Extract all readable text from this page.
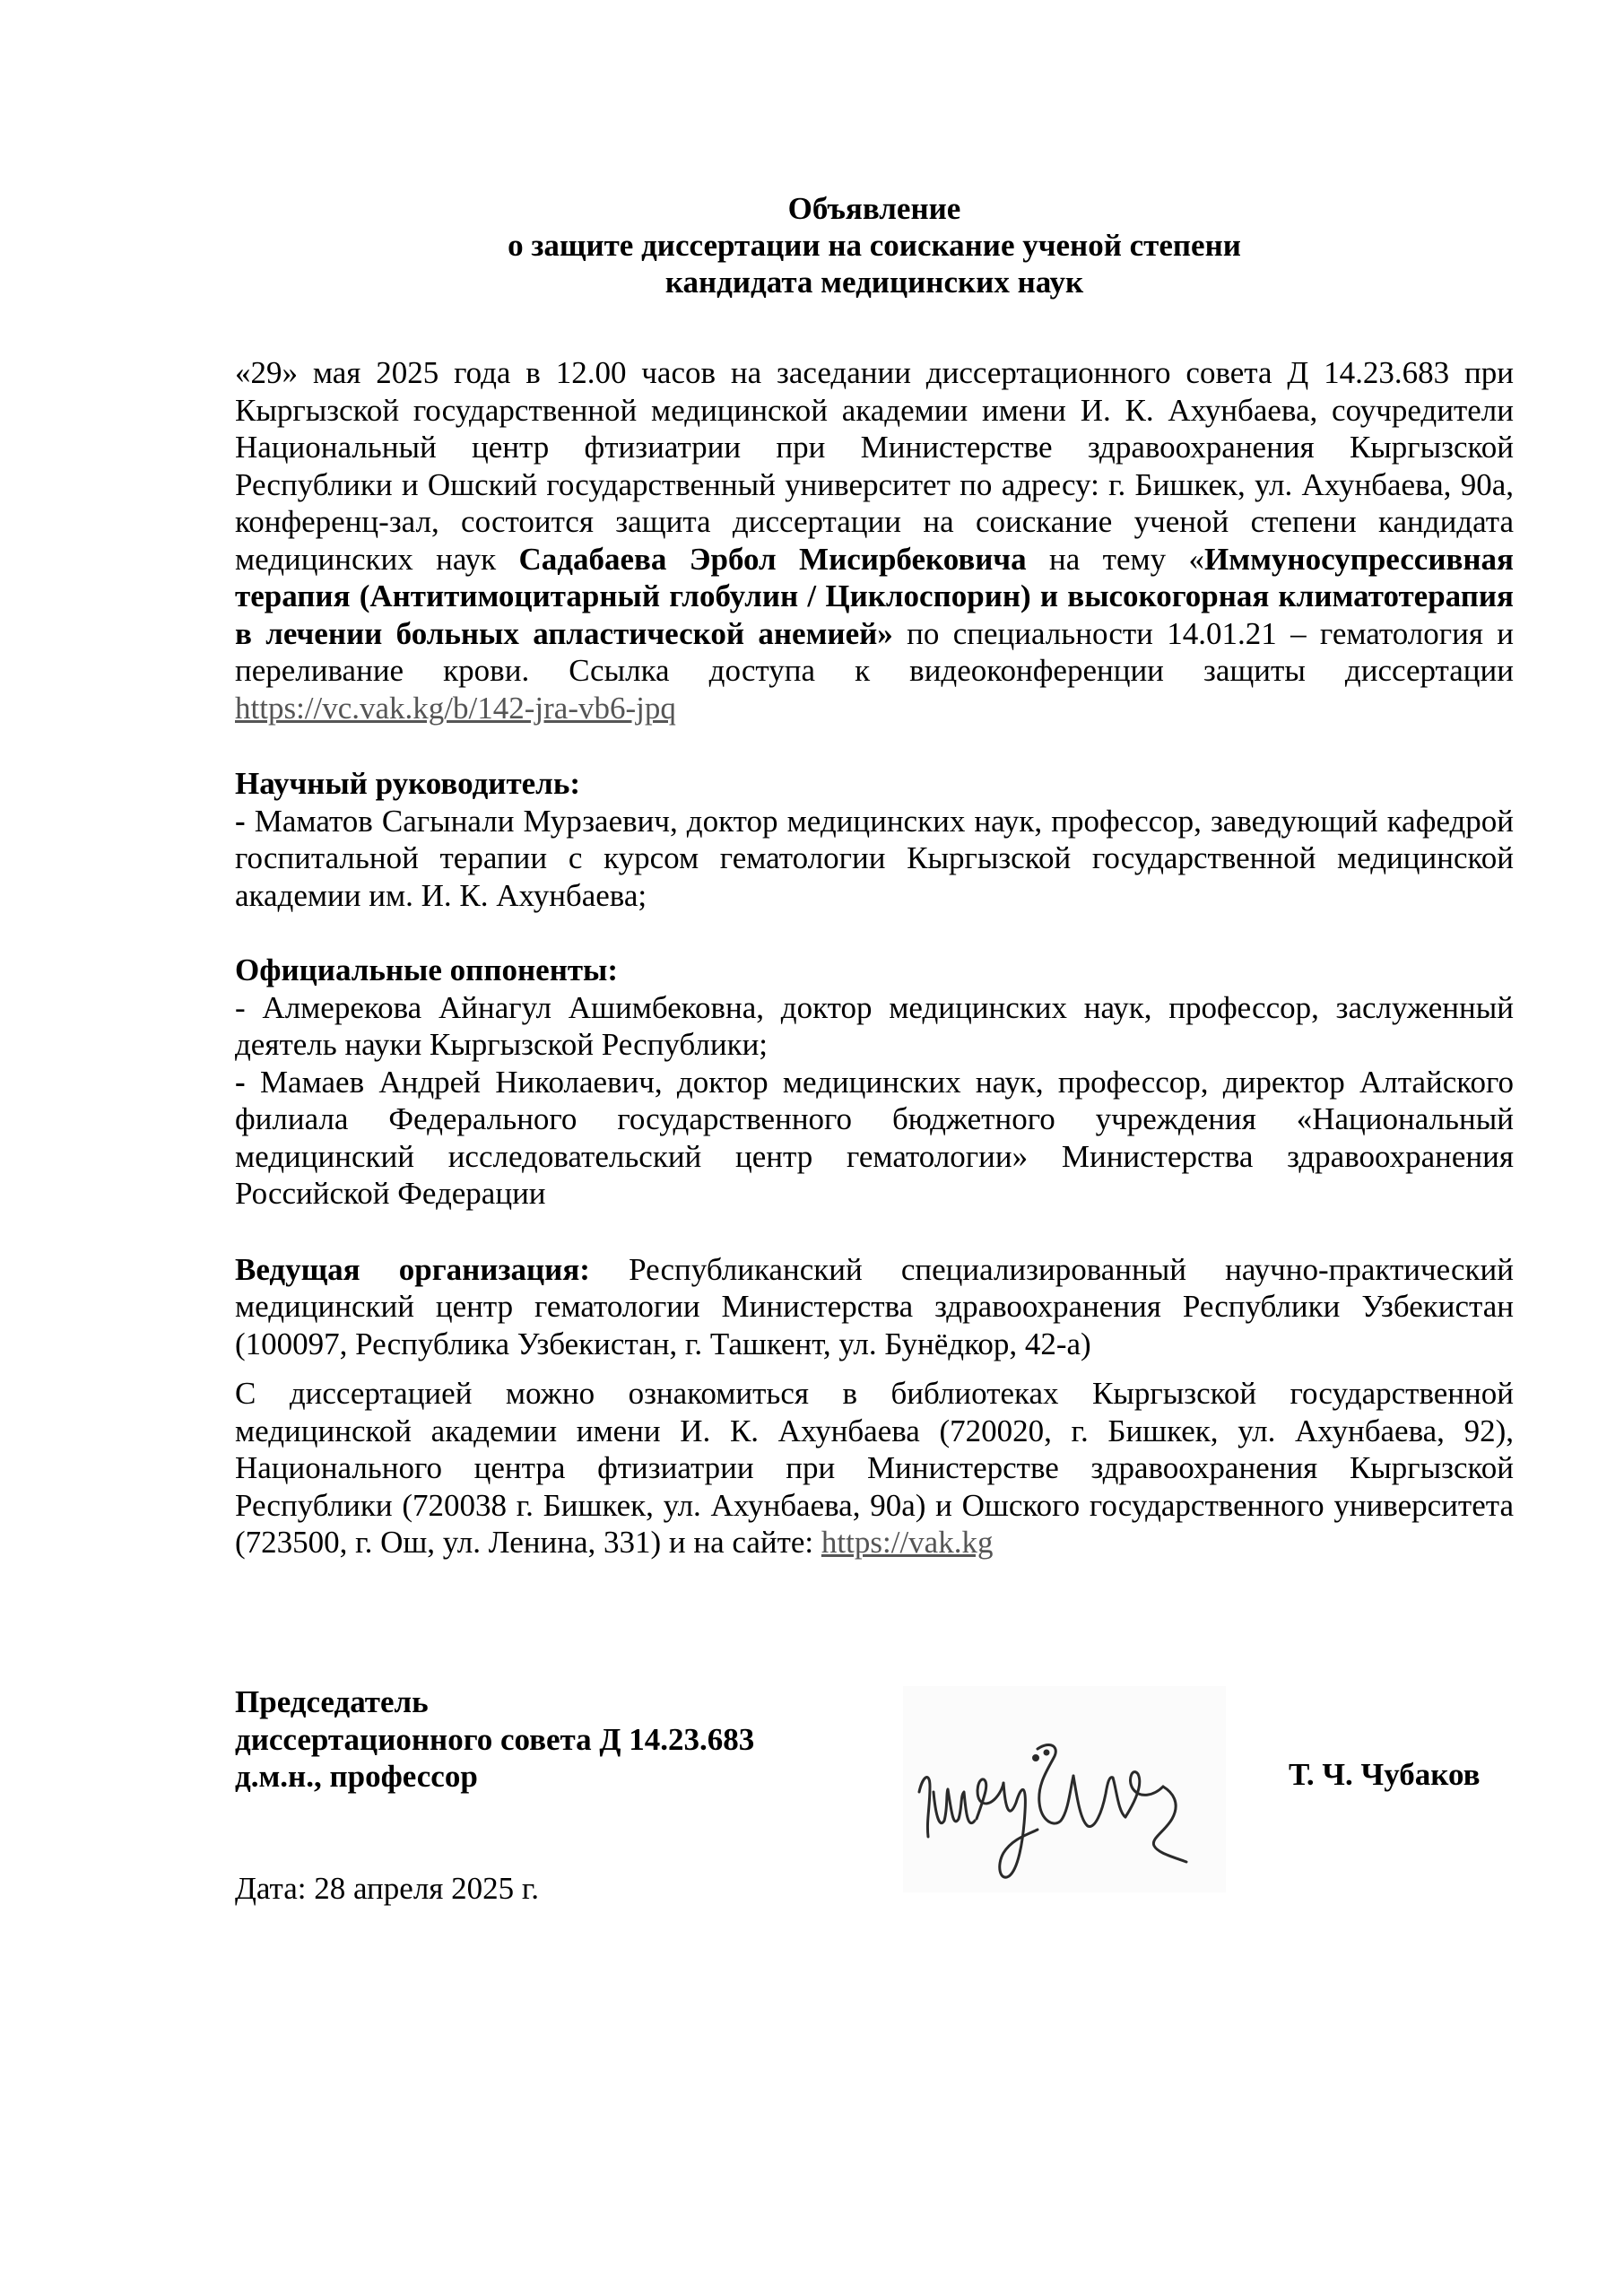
Объявление
о защите диссертации на соискание ученой степени
кандидата медицинских наук

«29» мая 2025 года в 12.00 часов на заседании диссертационного совета Д 14.23.683 при Кыргызской государственной медицинской академии имени И. К. Ахунбаева, соучредители Национальный центр фтизиатрии при Министерстве здравоохранения Кыргызской Республики и Ошский государственный университет по адресу: г. Бишкек, ул. Ахунбаева, 90а, конференц-зал, состоится защита диссертации на соискание ученой степени кандидата медицинских наук Садабаева Эрбол Мисирбековича на тему «Иммуносупрессивная терапия (Антитимоцитарный глобулин / Циклоспорин) и высокогорная климатотерапия в лечении больных апластической анемией» по специальности 14.01.21 – гематология и переливание крови. Ссылка доступа к видеоконференции защиты диссертации https://vc.vak.kg/b/142-jra-vb6-jpq

Научный руководитель:

- Маматов Сагынали Мурзаевич, доктор медицинских наук, профессор, заведующий кафедрой госпитальной терапии с курсом гематологии Кыргызской государственной медицинской академии им. И. К. Ахунбаева;

Официальные оппоненты:

- Алмерекова Айнагул Ашимбековна, доктор медицинских наук, профессор, заслуженный деятель науки Кыргызской Республики;

- Мамаев Андрей Николаевич, доктор медицинских наук, профессор, директор Алтайского филиала Федерального государственного бюджетного учреждения «Национальный медицинский исследовательский центр гематологии» Министерства здравоохранения Российской Федерации

Ведущая организация: Республиканский специализированный научно-практический медицинский центр гематологии Министерства здравоохранения Республики Узбекистан (100097, Республика Узбекистан, г. Ташкент, ул. Бунёдкор, 42-а)

С диссертацией можно ознакомиться в библиотеках Кыргызской государственной медицинской академии имени И. К. Ахунбаева (720020, г. Бишкек, ул. Ахунбаева, 92), Национального центра фтизиатрии при Министерстве здравоохранения Кыргызской Республики (720038 г. Бишкек, ул. Ахунбаева, 90а) и Ошского государственного университета (723500, г. Ош, ул. Ленина, 331) и на сайте: https://vak.kg

Председатель
диссертационного совета Д 14.23.683
д.м.н., профессор	Т. Ч. Чубаков
Дата: 28 апреля 2025 г.
